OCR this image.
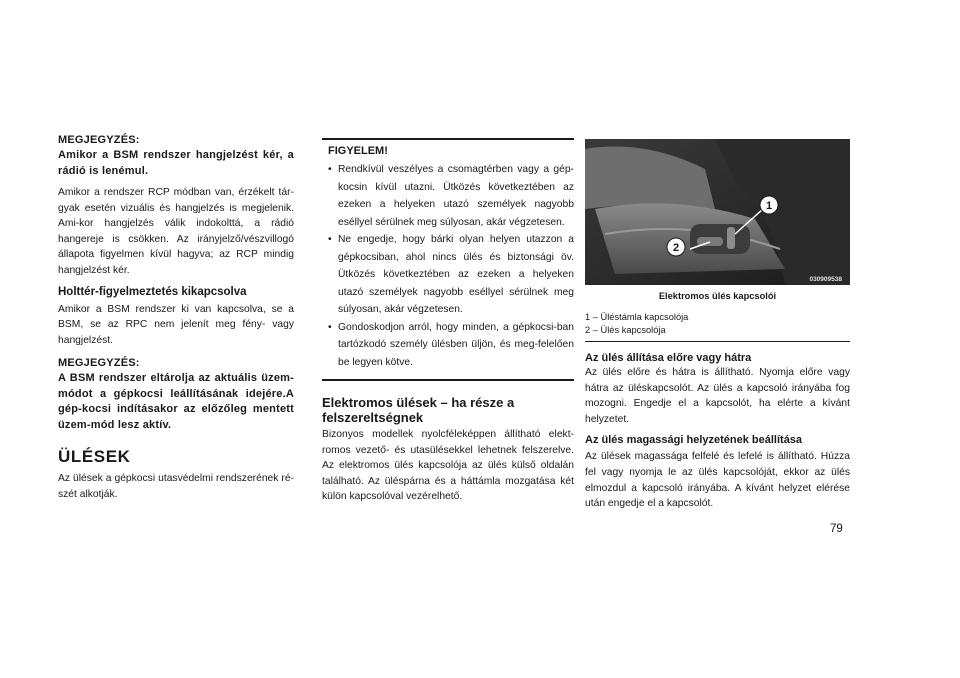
MEGJEGYZÉS:
Amikor a BSM rendszer hangjelzést kér, a rádió is lenémul.

Amikor a rendszer RCP módban van, érzékelt tár-gyak esetén vizuális és hangjelzés is megjelenik. Ami-kor hangjelzés válik indokolttá, a rádió hangereje is csökken. Az irányjelző/vészvillogó állapota figyelmen kívül hagyva; az RCP mindig hangjelzést kér.

Holttér-figyelmeztetés kikapcsolva

Amikor a BSM rendszer ki van kapcsolva, se a BSM, se az RPC nem jelenít meg fény- vagy hangjelzést.

MEGJEGYZÉS:
A BSM rendszer eltárolja az aktuális üzem-módot a gépkocsi leállításának idejére.A gép-kocsi indításakor az előzőleg mentett üzem-mód lesz aktív.
ÜLÉSEK

Az ülések a gépkocsi utasvédelmi rendszerének ré-szét alkotják.

FIGYELEM!
• Rendkívül veszélyes a csomagtérben vagy a gép-kocsin kívül utazni. Ütközés következtében az ezeken a helyeken utazó személyek nagyobb eséllyel sérülnek meg súlyosan, akár végzetesen.
• Ne engedje, hogy bárki olyan helyen utazzon a gépkocsiban, ahol nincs ülés és biztonsági öv. Ütközés következtében az ezeken a helyeken utazó személyek nagyobb eséllyel sérülnek meg súlyosan, akár végzetesen.
• Gondoskodjon arról, hogy minden, a gépkocsi-ban tartózkodó személy ülésben üljön, és meg-felelően be legyen kötve.
Elektromos ülések – ha része a felszereltségnek

Bizonyos modellek nyolcféleképpen állítható elekt-romos vezető- és utasülésekkel lehetnek felszerelve. Az elektromos ülés kapcsolója az ülés külső oldalán található. Az üléspárna és a háttámla mozgatása két külön kapcsolóval vezérelhető.

1
2
030909538
Elektromos ülés kapcsolói

1 – Üléstámla kapcsolója

2 – Ülés kapcsolója

Az ülés állítása előre vagy hátra

Az ülés előre és hátra is állítható. Nyomja előre vagy hátra az üléskapcsolót. Az ülés a kapcsoló irányába fog mozogni. Engedje el a kapcsolót, ha elérte a kívánt helyzetet.

Az ülés magassági helyzetének beállítása

Az ülések magassága felfelé és lefelé is állítható. Húzza fel vagy nyomja le az ülés kapcsolóját, ekkor az ülés elmozdul a kapcsoló irányába. A kívánt helyzet elérése után engedje el a kapcsolót.

79
